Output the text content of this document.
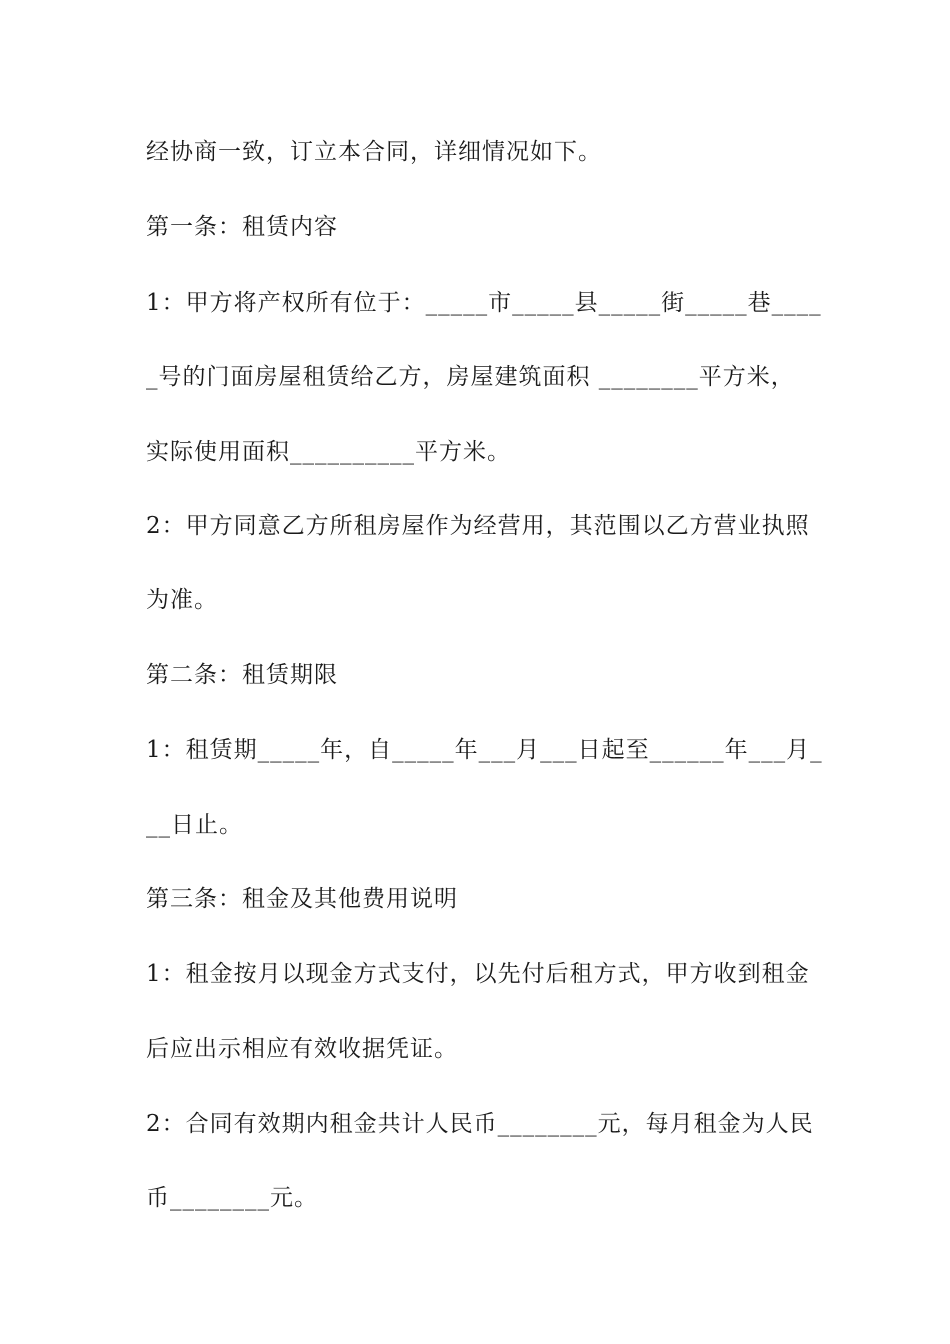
经协商一致，订立本合同，详细情况如下。
第一条：租赁内容
1：甲方将产权所有位于：_____市_____县_____街_____巷____
_号的门面房屋租赁给乙方，房屋建筑面积 ________平方米，
实际使用面积__________平方米。
2：甲方同意乙方所租房屋作为经营用，其范围以乙方营业执照
为准。
第二条：租赁期限
1：租赁期_____年，自_____年___月___日起至______年___月_
__日止。
第三条：租金及其他费用说明
1：租金按月以现金方式支付，以先付后租方式，甲方收到租金
后应出示相应有效收据凭证。
2：合同有效期内租金共计人民币________元，每月租金为人民
币________元。
